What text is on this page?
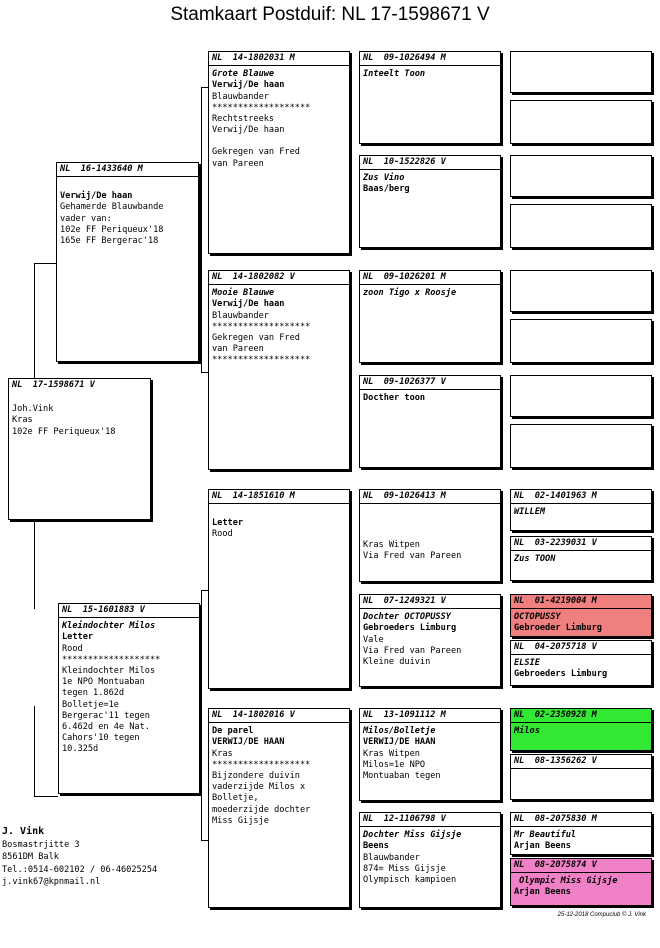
Stamkaart Postduif: NL 17-1598671 V
NL  17-1598671 V
Joh.Vink
Kras
102e FF Periqueux'18
NL  16-1433640 M
Verwij/De haan
Gehamerde Blauwbande
vader van:
102e FF Periqueux'18
165e FF Bergerac'18
NL  15-1601883 V
Kleindochter Milos
Letter
Rood
*******************
Kleindochter Milos
1e NPO Montuaban
tegen 1.862d
Bolletje=1e
Bergerac'11 tegen
6.462d en 4e Nat.
Cahors'10 tegen
10.325d
NL  14-1802031 M
Grote Blauwe
Verwij/De haan
Blauwbander
*******************
Rechtstreeks
Verwij/De haan
Gekregen van Fred
van Pareen
NL  14-1802082 V
Mooie Blauwe
Verwij/De haan
Blauwbander
*******************
Gekregen van Fred
van Pareen
*******************
NL  14-1851610 M
Letter
Rood
NL  14-1802016 V
De parel
VERWIJ/DE HAAN
Kras
*******************
Bijzondere duivin
vaderzijde Milos x
Bolletje,
moederzijde dochter
Miss Gijsje
NL  09-1026494 M
Inteelt Toon
NL  10-1522826 V
Zus Vino
Baas/berg
NL  09-1026201 M
zoon Tigo x Roosje
NL  09-1026377 V
Docther toon
NL  09-1026413 M
Kras Witpen
Via Fred van Pareen
NL  07-1249321 V
Dochter OCTOPUSSY
Gebroeders Limburg
Vale
Via Fred van Pareen
Kleine duivin
NL  13-1091112 M
Milos/Bolletje
VERWIJ/DE HAAN
Kras Witpen
Milos=1e NPO
Montuaban tegen
NL  12-1106798 V
Dochter Miss Gijsje
Beens
Blauwbander
874= Miss Gijsje
Olympisch kampioen
NL  02-1401963 M
WILLEM
NL  03-2239031 V
Zus TOON
NL  01-4219004 M
OCTOPUSSY
Gebroeder Limburg
NL  04-2075718 V
ELSIE
Gebroeders Limburg
NL  02-2350928 M
Milos
NL  08-1356262 V
NL  08-2075830 M
Mr Beautiful
Arjan Beens
NL  08-2075874 V
Olympic Miss Gijsje
Arjan Beens
J. Vink
Bosmastrjitte 3
8561DM Balk
Tel.:0514-602102 / 06-46025254
j.vink67@kpnmail.nl
25-12-2018 Compuclub © J. Vink
